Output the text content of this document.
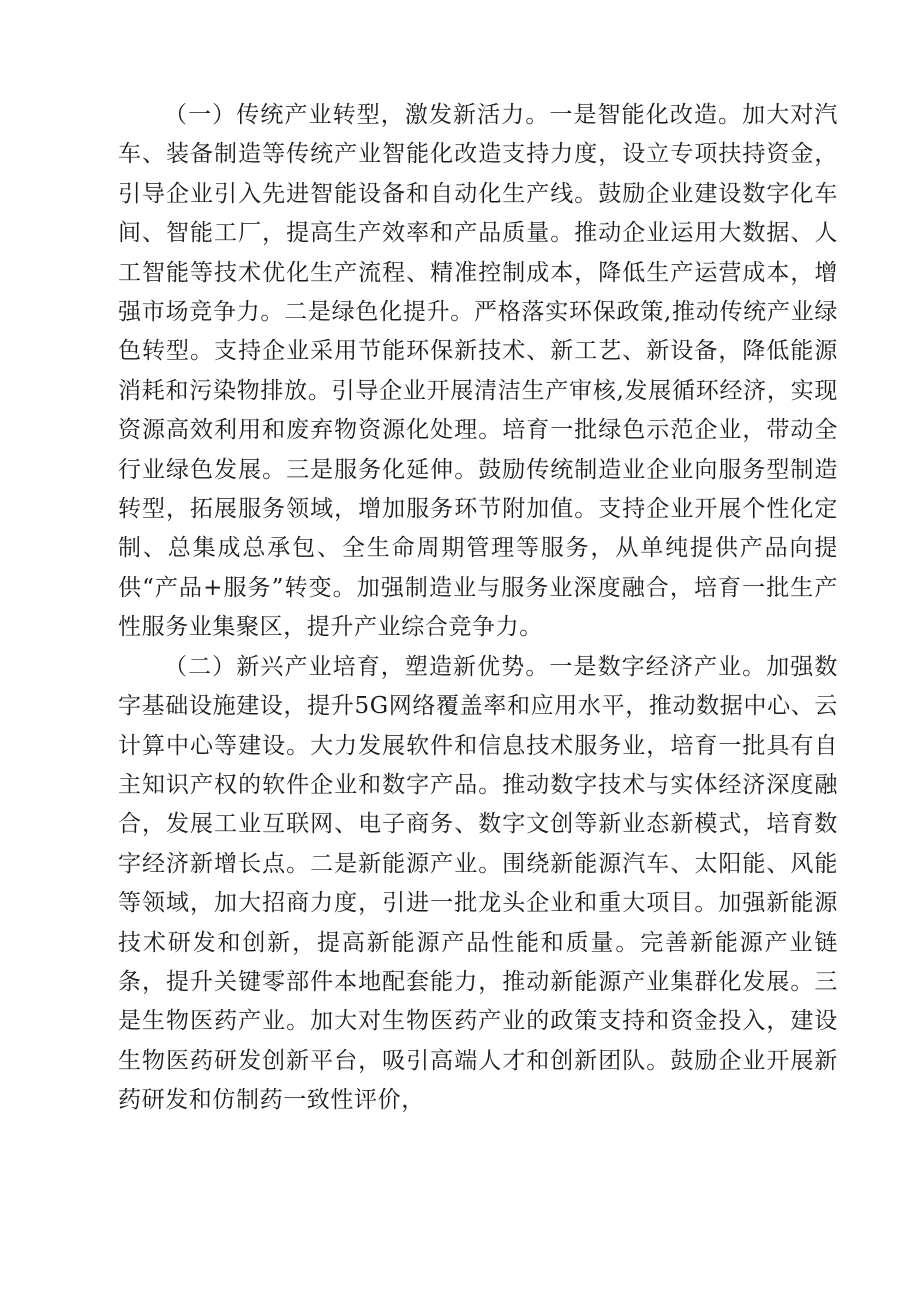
（一）传统产业转型，激发新活力。一是智能化改造。加大对汽车、装备制造等传统产业智能化改造支持力度，设立专项扶持资金，引导企业引入先进智能设备和自动化生产线。鼓励企业建设数字化车间、智能工厂，提高生产效率和产品质量。推动企业运用大数据、人工智能等技术优化生产流程、精准控制成本，降低生产运营成本，增强市场竞争力。二是绿色化提升。严格落实环保政策,推动传统产业绿色转型。支持企业采用节能环保新技术、新工艺、新设备，降低能源消耗和污染物排放。引导企业开展清洁生产审核,发展循环经济，实现资源高效利用和废弃物资源化处理。培育一批绿色示范企业，带动全行业绿色发展。三是服务化延伸。鼓励传统制造业企业向服务型制造转型，拓展服务领域，增加服务环节附加值。支持企业开展个性化定制、总集成总承包、全生命周期管理等服务，从单纯提供产品向提供“产品+服务”转变。加强制造业与服务业深度融合，培育一批生产性服务业集聚区，提升产业综合竞争力。

（二）新兴产业培育，塑造新优势。一是数字经济产业。加强数字基础设施建设，提升5G网络覆盖率和应用水平，推动数据中心、云计算中心等建设。大力发展软件和信息技术服务业，培育一批具有自主知识产权的软件企业和数字产品。推动数字技术与实体经济深度融合，发展工业互联网、电子商务、数字文创等新业态新模式，培育数字经济新增长点。二是新能源产业。围绕新能源汽车、太阳能、风能等领域，加大招商力度，引进一批龙头企业和重大项目。加强新能源技术研发和创新，提高新能源产品性能和质量。完善新能源产业链条，提升关键零部件本地配套能力，推动新能源产业集群化发展。三是生物医药产业。加大对生物医药产业的政策支持和资金投入，建设生物医药研发创新平台，吸引高端人才和创新团队。鼓励企业开展新药研发和仿制药一致性评价，
